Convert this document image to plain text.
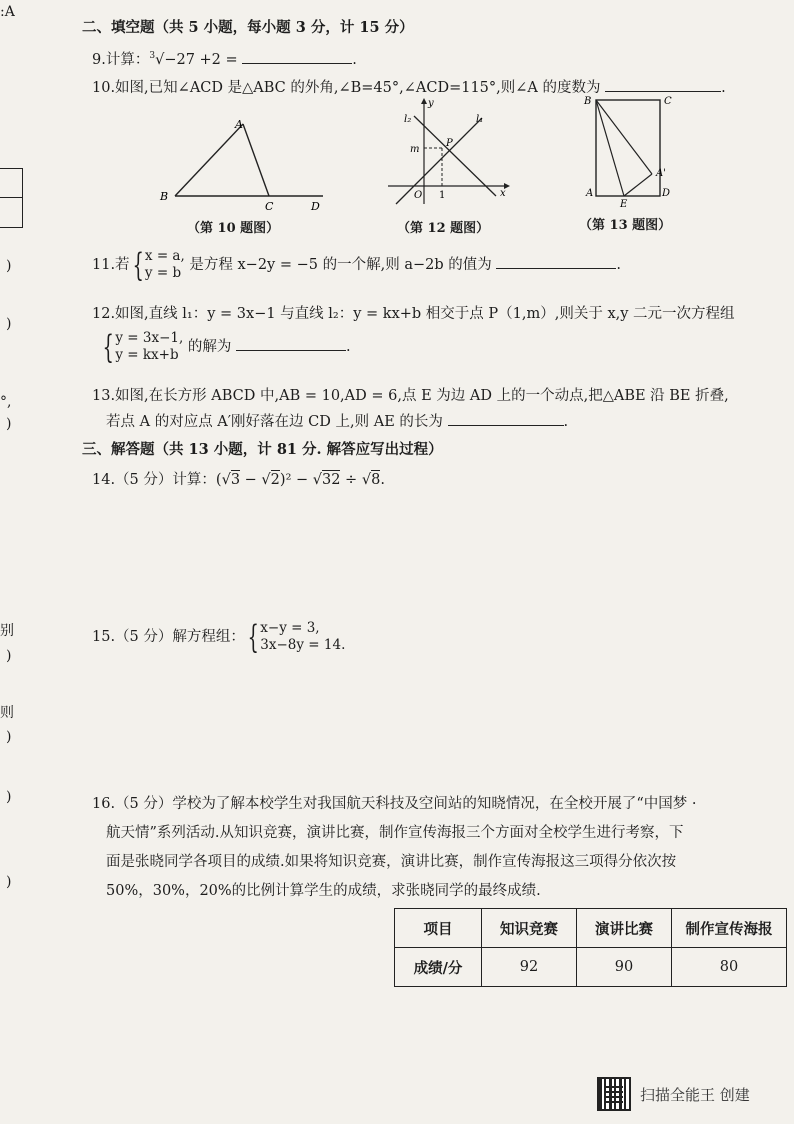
:A
)
)
°,
)
别
)
则
)
)
)
二、填空题（共 5 小题，每小题 3 分，计 15 分）
9.计算：$^3$√−27 +2 =	.
10.如图,已知∠ACD 是△ABC 的外角,∠B=45°,∠ACD=115°,则∠A 的度数为	.
A
B
C	D
（第 10 题图）
y
l₂	l₁
m
P
O 1	x
（第 12 题图）
B	C
A'
A
E
D
（第 13 题图）
11.若{ x = a,
y = b 是方程 x−2y = −5 的一个解,则 a−2b 的值为	.
12.如图,直线 l₁：y = 3x−1 与直线 l₂：y = kx+b 相交于点 P（1,m）,则关于 x,y 二元一次方程组
{ y = 3x−1,
y = kx+b 的解为	.
13.如图,在长方形 ABCD 中,AB = 10,AD = 6,点 E 为边 AD 上的一个动点,把△ABE 沿 BE 折叠,
若点 A 的对应点 A′刚好落在边 CD 上,则 AE 的长为	.
三、解答题（共 13 小题，计 81 分. 解答应写出过程）
14.（5 分）计算：(√3 − √2)² − √32 ÷ √8.
15.（5 分）解方程组：{ x−y = 3,
3x−8y = 14.
16.（5 分）学校为了解本校学生对我国航天科技及空间站的知晓情况，在全校开展了“中国梦 ·
航天情”系列活动.从知识竞赛，演讲比赛，制作宣传海报三个方面对全校学生进行考察，下
面是张晓同学各项目的成绩.如果将知识竞赛，演讲比赛，制作宣传海报这三项得分依次按
50%，30%，20%的比例计算学生的成绩，求张晓同学的最终成绩.
项目	知识竞赛	演讲比赛	制作宣传海报
成绩/分	92	90	80
扫描全能王 创建
